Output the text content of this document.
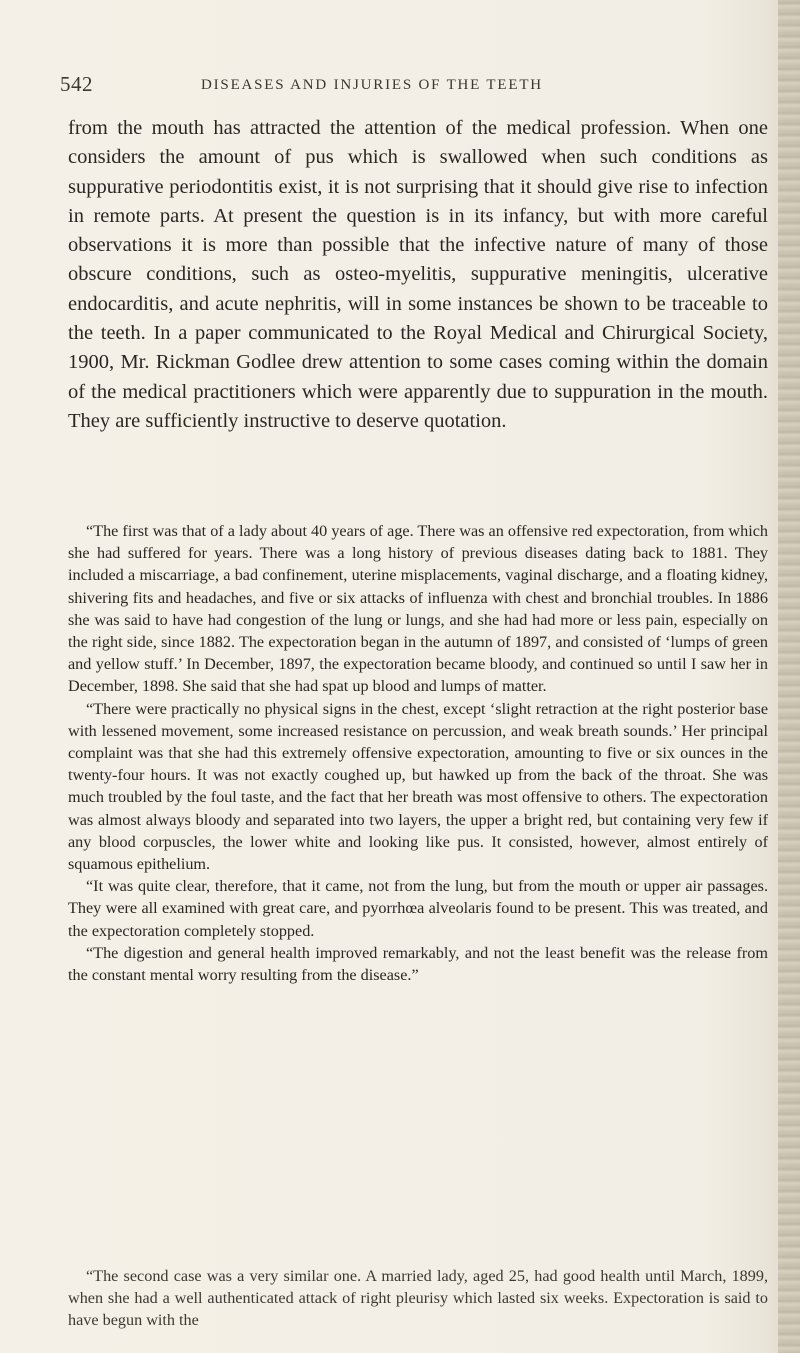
542	DISEASES AND INJURIES OF THE TEETH

from the mouth has attracted the attention of the medical profession. When one considers the amount of pus which is swallowed when such conditions as suppurative periodontitis exist, it is not surprising that it should give rise to infection in remote parts. At present the question is in its infancy, but with more careful observations it is more than possible that the infective nature of many of those obscure conditions, such as osteo-myelitis, suppurative meningitis, ulcerative endocarditis, and acute nephritis, will in some instances be shown to be traceable to the teeth. In a paper communicated to the Royal Medical and Chirurgical Society, 1900, Mr. Rickman Godlee drew attention to some cases coming within the domain of the medical practitioners which were apparently due to suppuration in the mouth. They are sufficiently instructive to deserve quotation.

“The first was that of a lady about 40 years of age. There was an offensive red expectoration, from which she had suffered for years. There was a long history of previous diseases dating back to 1881. They included a miscarriage, a bad confinement, uterine misplacements, vaginal discharge, and a floating kidney, shivering fits and headaches, and five or six attacks of influenza with chest and bronchial troubles. In 1886 she was said to have had congestion of the lung or lungs, and she had had more or less pain, especially on the right side, since 1882. The expectoration began in the autumn of 1897, and consisted of ‘lumps of green and yellow stuff.’ In December, 1897, the expectoration became bloody, and continued so until I saw her in December, 1898. She said that she had spat up blood and lumps of matter.

“There were practically no physical signs in the chest, except ‘slight retraction at the right posterior base with lessened movement, some increased resistance on percussion, and weak breath sounds.’ Her principal complaint was that she had this extremely offensive expectoration, amounting to five or six ounces in the twenty-four hours. It was not exactly coughed up, but hawked up from the back of the throat. She was much troubled by the foul taste, and the fact that her breath was most offensive to others. The expectoration was almost always bloody and separated into two layers, the upper a bright red, but containing very few if any blood corpuscles, the lower white and looking like pus. It consisted, however, almost entirely of squamous epithelium.

“It was quite clear, therefore, that it came, not from the lung, but from the mouth or upper air passages. They were all examined with great care, and pyorrhœa alveolaris found to be present. This was treated, and the expectoration completely stopped.

“The digestion and general health improved remarkably, and not the least benefit was the release from the constant mental worry resulting from the disease.”

“The second case was a very similar one. A married lady, aged 25, had good health until March, 1899, when she had a well authenticated attack of right pleurisy which lasted six weeks. Expectoration is said to have begun with the
